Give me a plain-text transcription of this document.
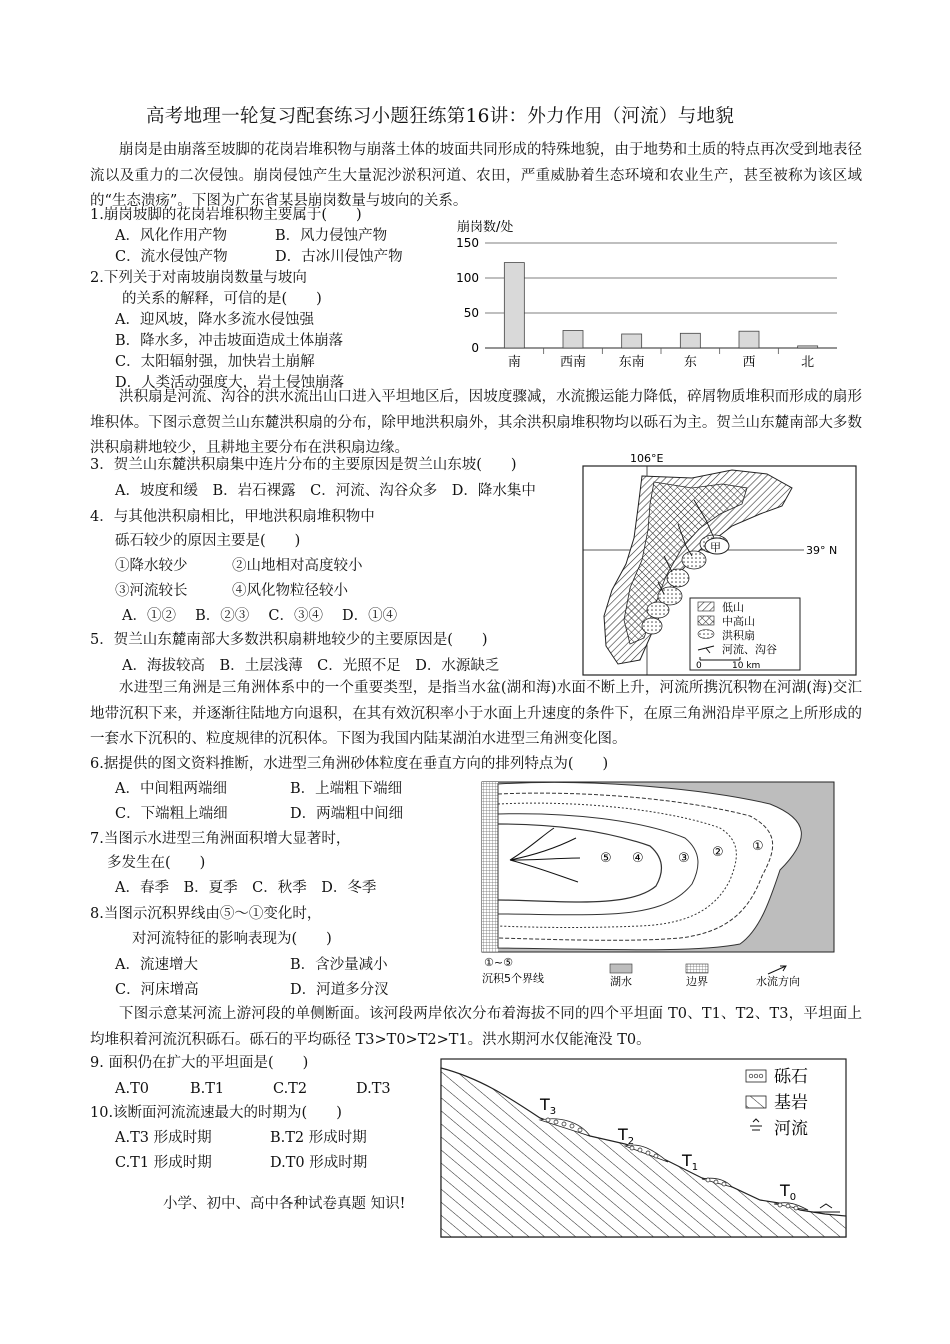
高考地理一轮复习配套练习小题狂练第16讲：外力作用（河流）与地貌
崩岗是由崩落至坡脚的花岗岩堆积物与崩落土体的坡面共同形成的特殊地貌，由于地势和土质的特点再次受到地表径流以及重力的二次侵蚀。崩岗侵蚀产生大量泥沙淤积河道、农田，严重威胁着生态环境和农业生产，甚至被称为该区域的“生态溃疡”。下图为广东省某县崩岗数量与坡向的关系。
1.崩岗坡脚的花岗岩堆积物主要属于(　　)
A．风化作用产物	B．风力侵蚀产物
C．流水侵蚀产物	D．古冰川侵蚀产物
2.下列关于对南坡崩岗数量与坡向
的关系的解释，可信的是(　　)
A．迎风坡，降水多流水侵蚀强
B．降水多，冲击坡面造成土体崩落
C．太阳辐射强，加快岩土崩解
D．人类活动强度大，岩土侵蚀崩落
崩岗数/处
0
50
100
150
南	西南	东南	东	西	北
洪积扇是河流、沟谷的洪水流出山口进入平坦地区后，因坡度骤减，水流搬运能力降低，碎屑物质堆积而形成的扇形堆积体。下图示意贺兰山东麓洪积扇的分布，除甲地洪积扇外，其余洪积扇堆积物均以砾石为主。贺兰山东麓南部大多数洪积扇耕地较少，且耕地主要分布在洪积扇边缘。
3．贺兰山东麓洪积扇集中连片分布的主要原因是贺兰山东坡(　　)
A．坡度和缓　B．岩石裸露　C．河流、沟谷众多　D．降水集中
4．与其他洪积扇相比，甲地洪积扇堆积物中
砾石较少的原因主要是(　　)
①降水较少	②山地相对高度较小
③河流较长	④风化物粒径较小
A．①②　 B．②③　 C．③④　 D．①④
5．贺兰山东麓南部大多数洪积扇耕地较少的主要原因是(　　)
A．海拔较高　B．土层浅薄　C．光照不足　D．水源缺乏
106°E
39° N
甲
低山
中高山
洪积扇
河流、沟谷
0	10 km
水进型三角洲是三角洲体系中的一个重要类型，是指当水盆(湖和海)水面不断上升，河流所携沉积物在河湖(海)交汇地带沉积下来，并逐渐往陆地方向退积，在其有效沉积率小于水面上升速度的条件下，在原三角洲沿岸平原之上所形成的一套水下沉积的、粒度规律的沉积体。下图为我国内陆某湖泊水进型三角洲变化图。
6.据提供的图文资料推断，水进型三角洲砂体粒度在垂直方向的排列特点为(　　)
A．中间粗两端细	B．上端粗下端细
C．下端粗上端细	D．两端粗中间细
7.当图示水进型三角洲面积增大显著时，
多发生在(　　)
A．春季　B．夏季　C．秋季　D．冬季
8.当图示沉积界线由⑤～①变化时，
对河流特征的影响表现为(　　)
A．流速增大	B．含沙量减小
C．河床增高	D．河道多分汊
①
②
③
④
⑤
①~⑤
沉积5个界线	湖水	边界	水流方向
下图示意某河流上游河段的单侧断面。该河段两岸依次分布着海拔不同的四个平坦面 T0、T1、T2、T3，平坦面上均堆积着河流沉积砾石。砾石的平均砾径 T3>T0>T2>T1。洪水期河水仅能淹没 T0。
9. 面积仍在扩大的平坦面是(　　)
A.T0	B.T1	C.T2	D.T3
10.该断面河流流速最大的时期为(　　)
A.T3 形成时期	B.T2 形成时期
C.T1 形成时期	D.T0 形成时期
小学、初中、高中各种试卷真题 知识!
$T_3$
$T_2$
$T_1$
$T_0$
砾石
基岩
河流
